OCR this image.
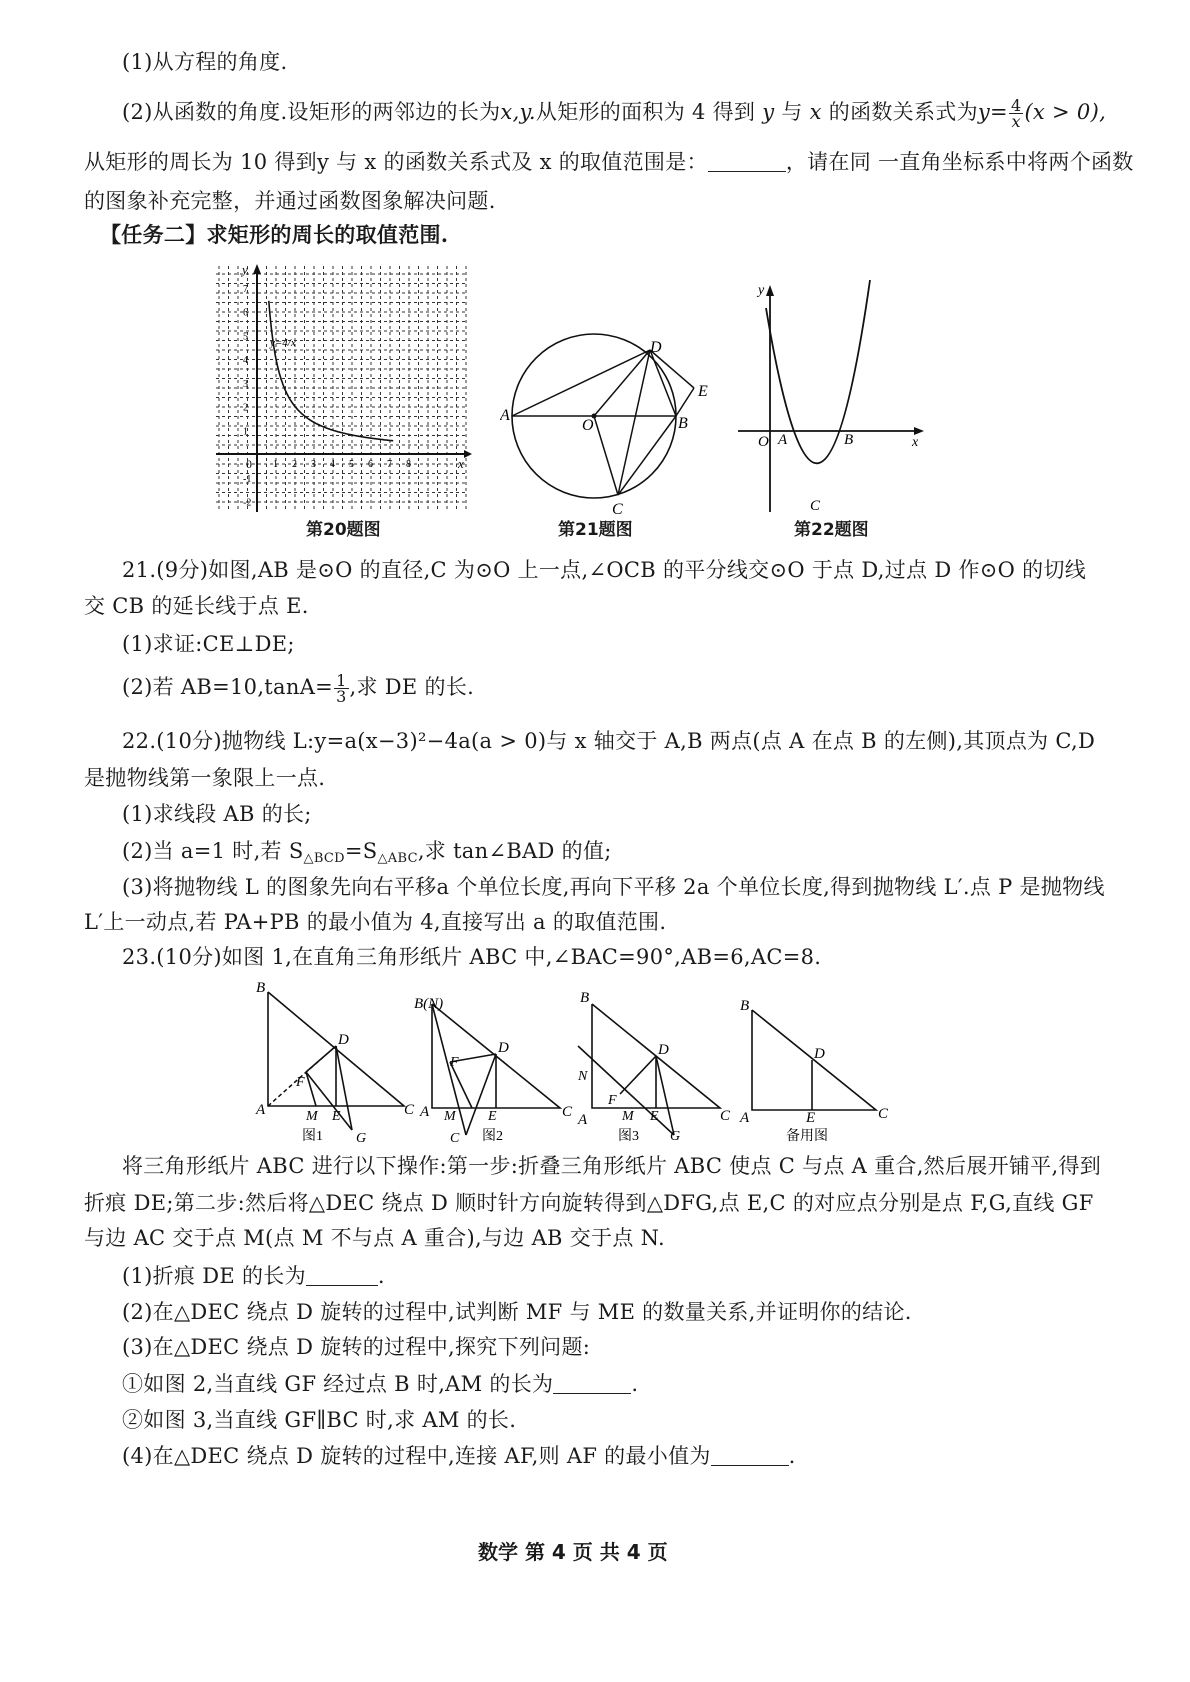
(1)从方程的角度.
(2)从函数的角度.设矩形的两邻边的长为x,y.从矩形的面积为 4 得到 y 与 x 的函数关系式为$y= \frac{4}{x} (x > 0)$,
从矩形的周长为 10 得到y 与 x 的函数关系式及 x 的取值范围是：	，请在同 一直角坐标系中将两个函数
的图象补充完整，并通过函数图象解决问题.
【任务二】求矩形的周长的取值范围.
y
x
0
y=4/x
7
6
5
4
3
2
1
-1
-2
1 2 3 4 5 6 7 8
第20题图
A	B
C
D
E
O
第21题图
y
x
O A	B
C
第22题图
21.(9分)如图,AB 是⊙O 的直径,C 为⊙O 上一点,∠OCB 的平分线交⊙O 于点 D,过点 D 作⊙O 的切线
交 CB 的延长线于点 E.
(1)求证:CE⊥DE;
(2)若 $AB=10,\tan A= \frac{1}{3}$ ,求 DE 的长.
22.(10分)抛物线 L:y=a(x−3)²−4a(a > 0)与 x 轴交于 A,B 两点(点 A 在点 B 的左侧),其顶点为 C,D
是抛物线第一象限上一点.
(1)求线段 AB 的长;
(2)当 a=1 时,若 $S_{\triangle BCD}=S_{\triangle ABC}$,求 tan∠BAD 的值;
(3)将抛物线 L 的图象先向右平移a 个单位长度,再向下平移 2a 个单位长度,得到抛物线 L′.点 P 是抛物线
L′上一动点,若 PA+PB 的最小值为 4,直接写出 a 的取值范围.
23.(10分)如图 1,在直角三角形纸片 ABC 中,∠BAC=90°,AB=6,AC=8.
B
D
A	C
F
M E
G
图1
B(N)
D
A	C
F
M E
C 图2
B
D
N
A	C
F
M E
G
图3
B
D
A	E	C
备用图
将三角形纸片 ABC 进行以下操作:第一步:折叠三角形纸片 ABC 使点 C 与点 A 重合,然后展开铺平,得到
折痕 DE;第二步:然后将△DEC 绕点 D 顺时针方向旋转得到△DFG,点 E,C 的对应点分别是点 F,G,直线 GF
与边 AC 交于点 M(点 M 不与点 A 重合),与边 AB 交于点 N.
(1)折痕 DE 的长为	.
(2)在△DEC 绕点 D 旋转的过程中,试判断 MF 与 ME 的数量关系,并证明你的结论.
(3)在△DEC 绕点 D 旋转的过程中,探究下列问题:
①如图 2,当直线 GF 经过点 B 时,AM 的长为	.
②如图 3,当直线 GF∥BC 时,求 AM 的长.
(4)在△DEC 绕点 D 旋转的过程中,连接 AF,则 AF 的最小值为	.
数学 第 4 页 共 4 页
